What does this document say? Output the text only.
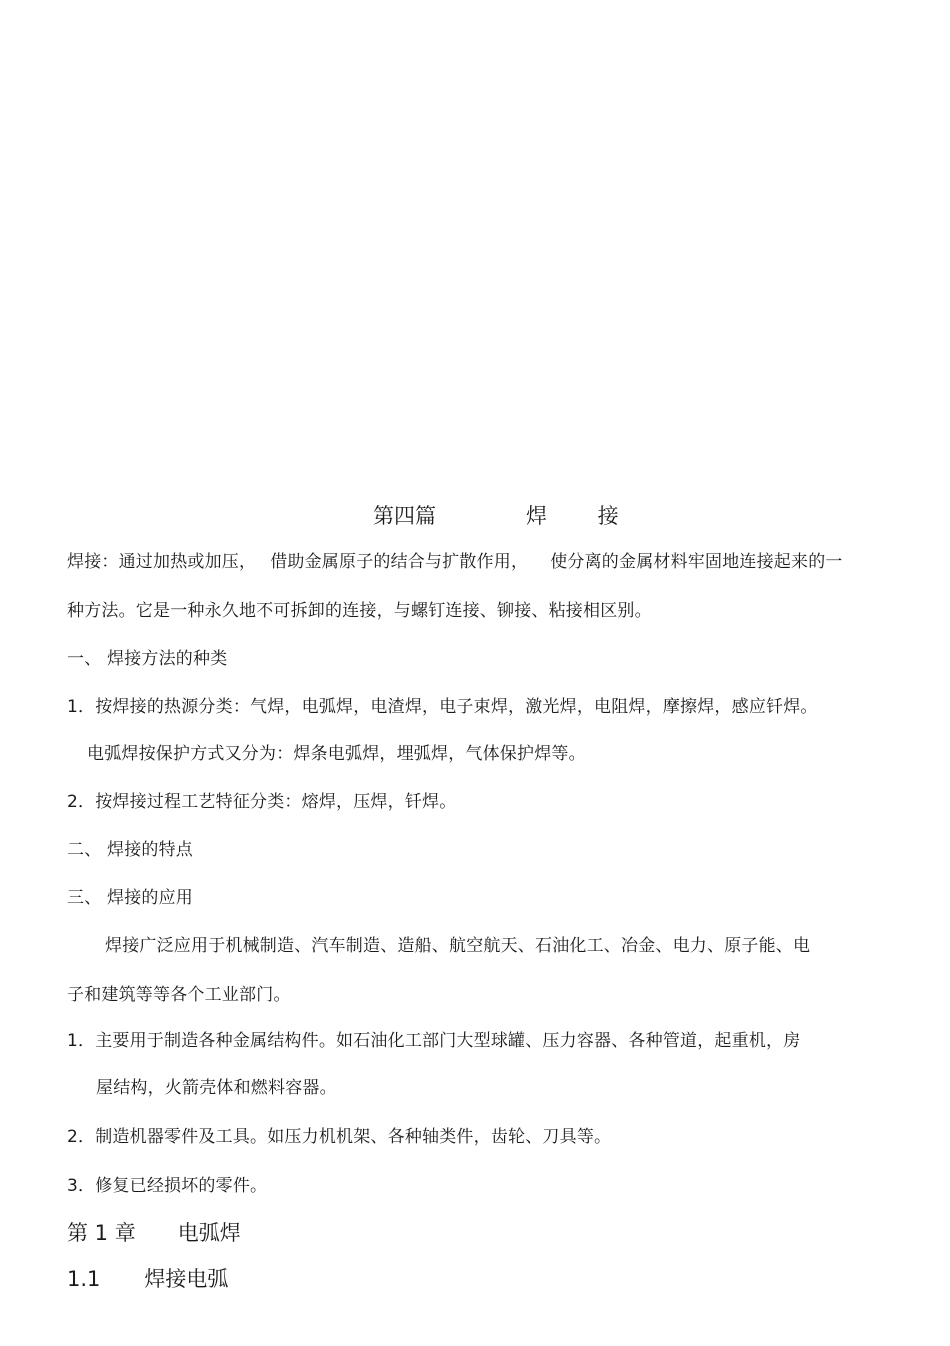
第四篇	焊 接
焊接：通过加热或加压， 借助金属原子的结合与扩散作用， 使分离的金属材料牢固地连接起来的一
种方法。它是一种永久地不可拆卸的连接，与螺钉连接、铆接、粘接相区别。
一、 焊接方法的种类
1．按焊接的热源分类：气焊，电弧焊，电渣焊，电子束焊，激光焊，电阻焊，摩擦焊，感应钎焊。
电弧焊按保护方式又分为：焊条电弧焊，埋弧焊，气体保护焊等。
2．按焊接过程工艺特征分类：熔焊，压焊，钎焊。
二、 焊接的特点
三、 焊接的应用
焊接广泛应用于机械制造、汽车制造、造船、航空航天、石油化工、冶金、电力、原子能、电
子和建筑等等各个工业部门。
1．主要用于制造各种金属结构件。如石油化工部门大型球罐、压力容器、各种管道，起重机，房
屋结构，火箭壳体和燃料容器。
2．制造机器零件及工具。如压力机机架、各种轴类件，齿轮、刀具等。
3．修复已经损坏的零件。
第 1 章 电弧焊
1.1 焊接电弧
